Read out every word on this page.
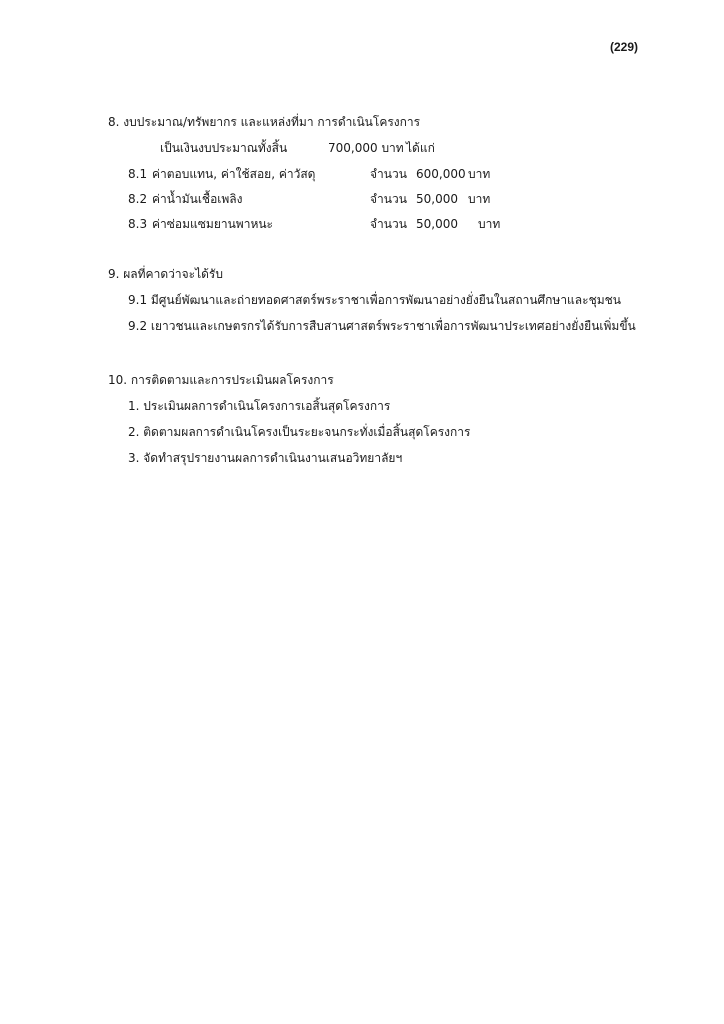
(229)
8. งบประมาณ/ทรัพยากร และแหล่งที่มา การดำเนินโครงการ
เป็นเงินงบประมาณทั้งสิ้น	700,000 บาท ได้แก่
8.1 ค่าตอบแทน, ค่าใช้สอย, ค่าวัสดุ	จำนวน 600,000 บาท
8.2 ค่าน้ำมันเชื้อเพลิง	จำนวน 50,000 บาท
8.3 ค่าซ่อมแซมยานพาหนะ	จำนวน 50,000 บาท
9. ผลที่คาดว่าจะได้รับ
9.1 มีศูนย์พัฒนาและถ่ายทอดศาสตร์พระราชาเพื่อการพัฒนาอย่างยั่งยืนในสถานศึกษาและชุมชน
9.2 เยาวชนและเกษตรกรได้รับการสืบสานศาสตร์พระราชาเพื่อการพัฒนาประเทศอย่างยั่งยืนเพิ่มขึ้น
10. การติดตามและการประเมินผลโครงการ
1. ประเมินผลการดำเนินโครงการเอสิ้นสุดโครงการ
2. ติดตามผลการดำเนินโครงเป็นระยะจนกระทั่งเมื่อสิ้นสุดโครงการ
3. จัดทำสรุปรายงานผลการดำเนินงานเสนอวิทยาลัยฯ
